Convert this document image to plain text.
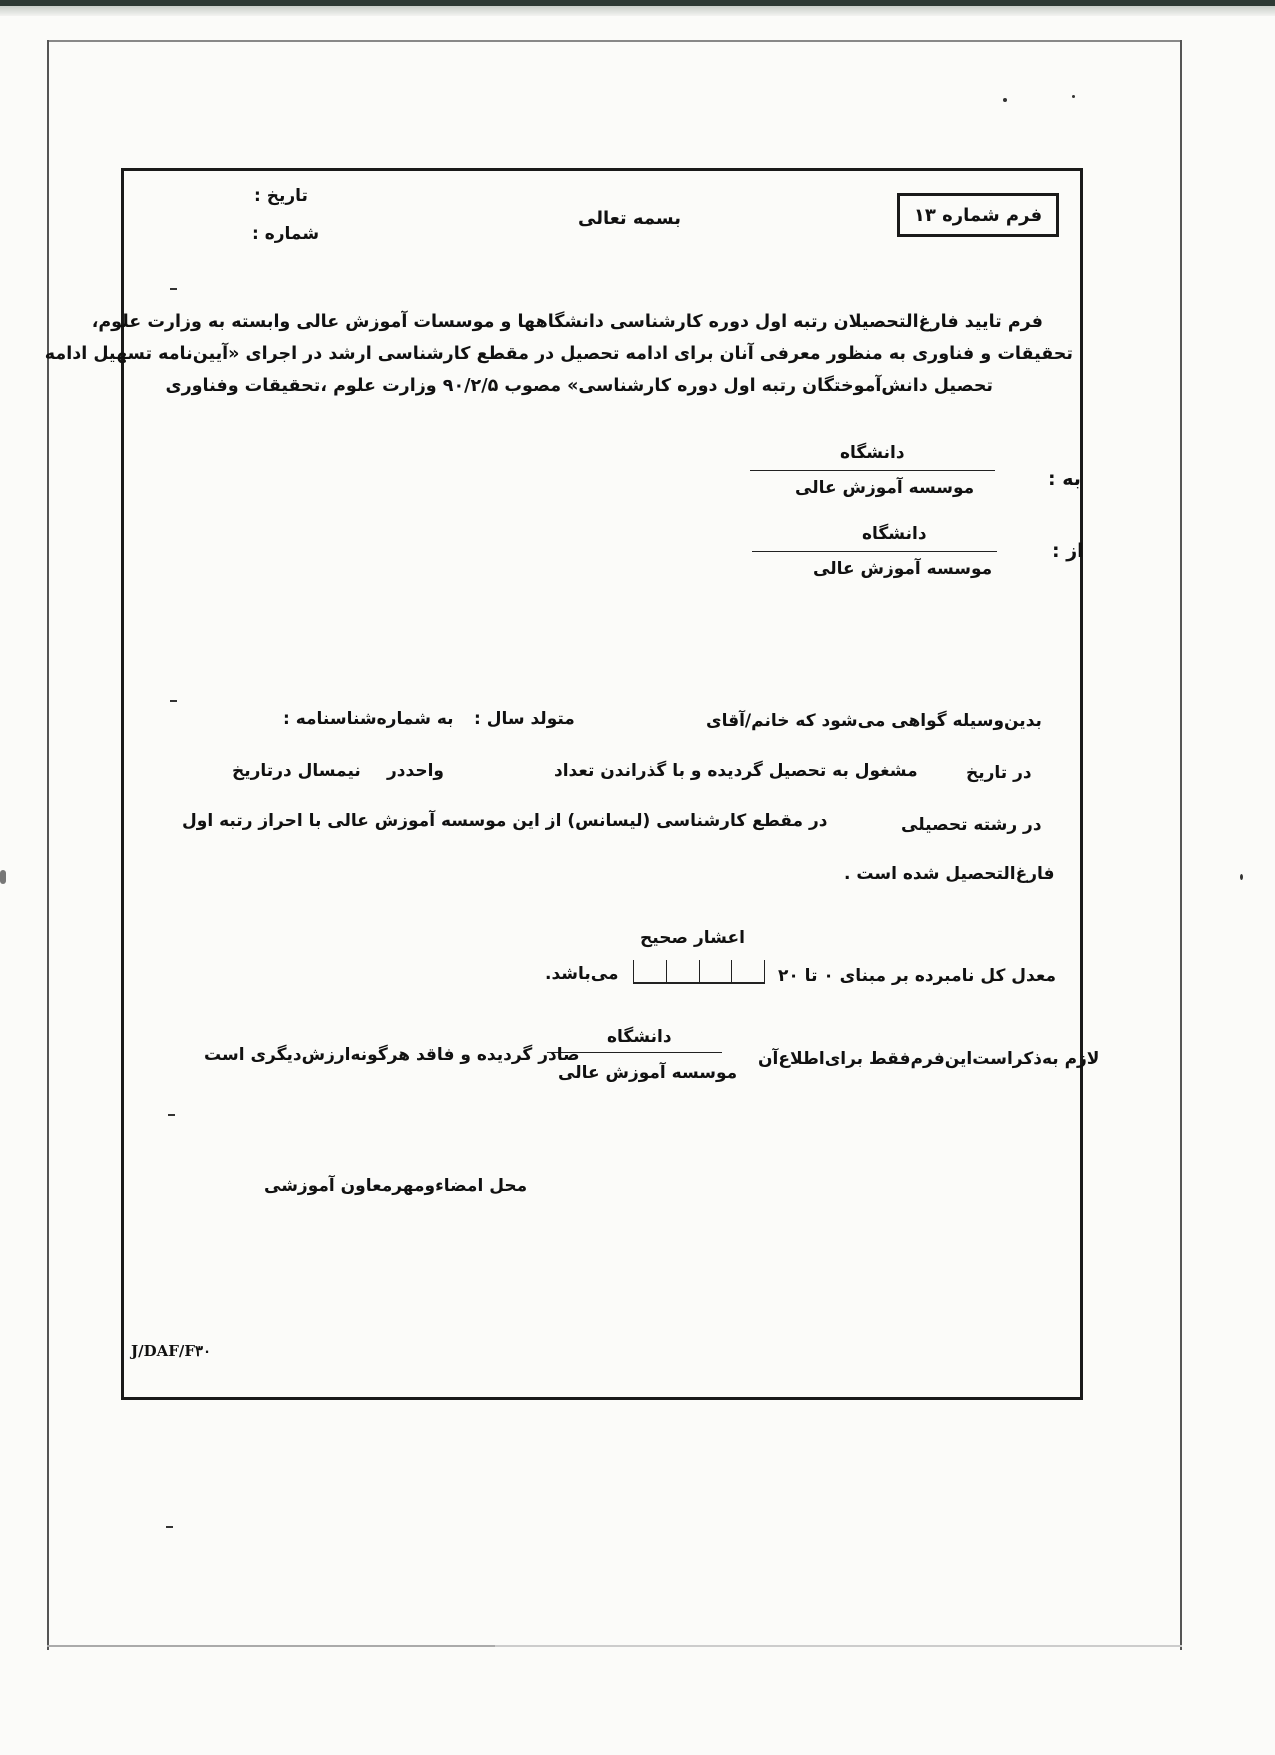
فرم شماره ۱۳
بسمه تعالی
تاریخ :
شماره :
فرم تایید فارغ‌التحصیلان رتبه اول دوره کارشناسی دانشگاهها و موسسات آموزش عالی وابسته به وزارت علوم،
تحقیقات و فناوری به منظور معرفی آنان برای ادامه تحصیل در مقطع کارشناسی ارشد در اجرای «آیین‌نامه تسهیل ادامه
تحصیل دانش‌آموختگان رتبه اول دوره کارشناسی» مصوب ۹۰/۲/۵ وزارت علوم ،تحقیقات وفناوری
به :
دانشگاه
موسسه آموزش عالی
از :
دانشگاه
موسسه آموزش عالی
بدین‌وسیله گواهی می‌شود که خانم/آقای
متولد سال :
به شماره‌شناسنامه :
در تاریخ
مشغول به تحصیل گردیده و با گذراندن تعداد
واحددر
نیمسال درتاریخ
در رشته تحصیلی
در مقطع کارشناسی (لیسانس) از این موسسه آموزش عالی با احراز رتبه اول
فارغ‌التحصیل شده است .
اعشار
صحیح
معدل کل نامبرده بر مبنای ۰ تا ۲۰
می‌باشد.
لازم به‌ذکراست‌این‌فرم‌فقط برای‌اطلاع‌آن
دانشگاه
موسسه آموزش عالی
صادر گردیده و فاقد هرگونه‌ارزش‌دیگری است
محل امضاءومهرمعاون آموزشی
J/DAF/F۳۰
